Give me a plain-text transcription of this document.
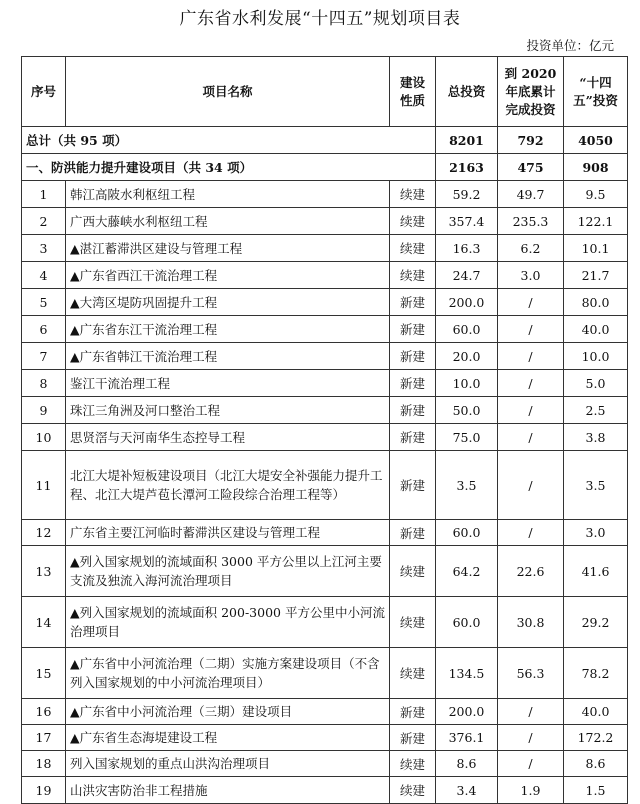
广东省水利发展“十四五”规划项目表
投资单位：亿元
序号	项目名称	建设性质	总投资	到 2020 年底累计完成投资	“十四五”投资
总计（共 95 项）			8201	792	4050
一、防洪能力提升建设项目（共 34 项）			2163	475	908
1	韩江高陂水利枢纽工程	续建	59.2	49.7	9.5
2	广西大藤峡水利枢纽工程	续建	357.4	235.3	122.1
3	▲湛江蓄滞洪区建设与管理工程	续建	16.3	6.2	10.1
4	▲广东省西江干流治理工程	续建	24.7	3.0	21.7
5	▲大湾区堤防巩固提升工程	新建	200.0	/	80.0
6	▲广东省东江干流治理工程	新建	60.0	/	40.0
7	▲广东省韩江干流治理工程	新建	20.0	/	10.0
8	鉴江干流治理工程	新建	10.0	/	5.0
9	珠江三角洲及河口整治工程	新建	50.0	/	2.5
10	思贤滘与天河南华生态控导工程	新建	75.0	/	3.8
11	北江大堤补短板建设项目（北江大堤安全补强能力提升工程、北江大堤芦苞长潭河工险段综合治理工程等）	新建	3.5	/	3.5
12	广东省主要江河临时蓄滞洪区建设与管理工程	新建	60.0	/	3.0
13	▲列入国家规划的流域面积 3000 平方公里以上江河主要支流及独流入海河流治理项目	续建	64.2	22.6	41.6
14	▲列入国家规划的流域面积 200-3000 平方公里中小河流治理项目	续建	60.0	30.8	29.2
15	▲广东省中小河流治理（二期）实施方案建设项目（不含列入国家规划的中小河流治理项目）	续建	134.5	56.3	78.2
16	▲广东省中小河流治理（三期）建设项目	新建	200.0	/	40.0
17	▲广东省生态海堤建设工程	新建	376.1	/	172.2
18	列入国家规划的重点山洪沟治理项目	续建	8.6	/	8.6
19	山洪灾害防治非工程措施	续建	3.4	1.9	1.5
